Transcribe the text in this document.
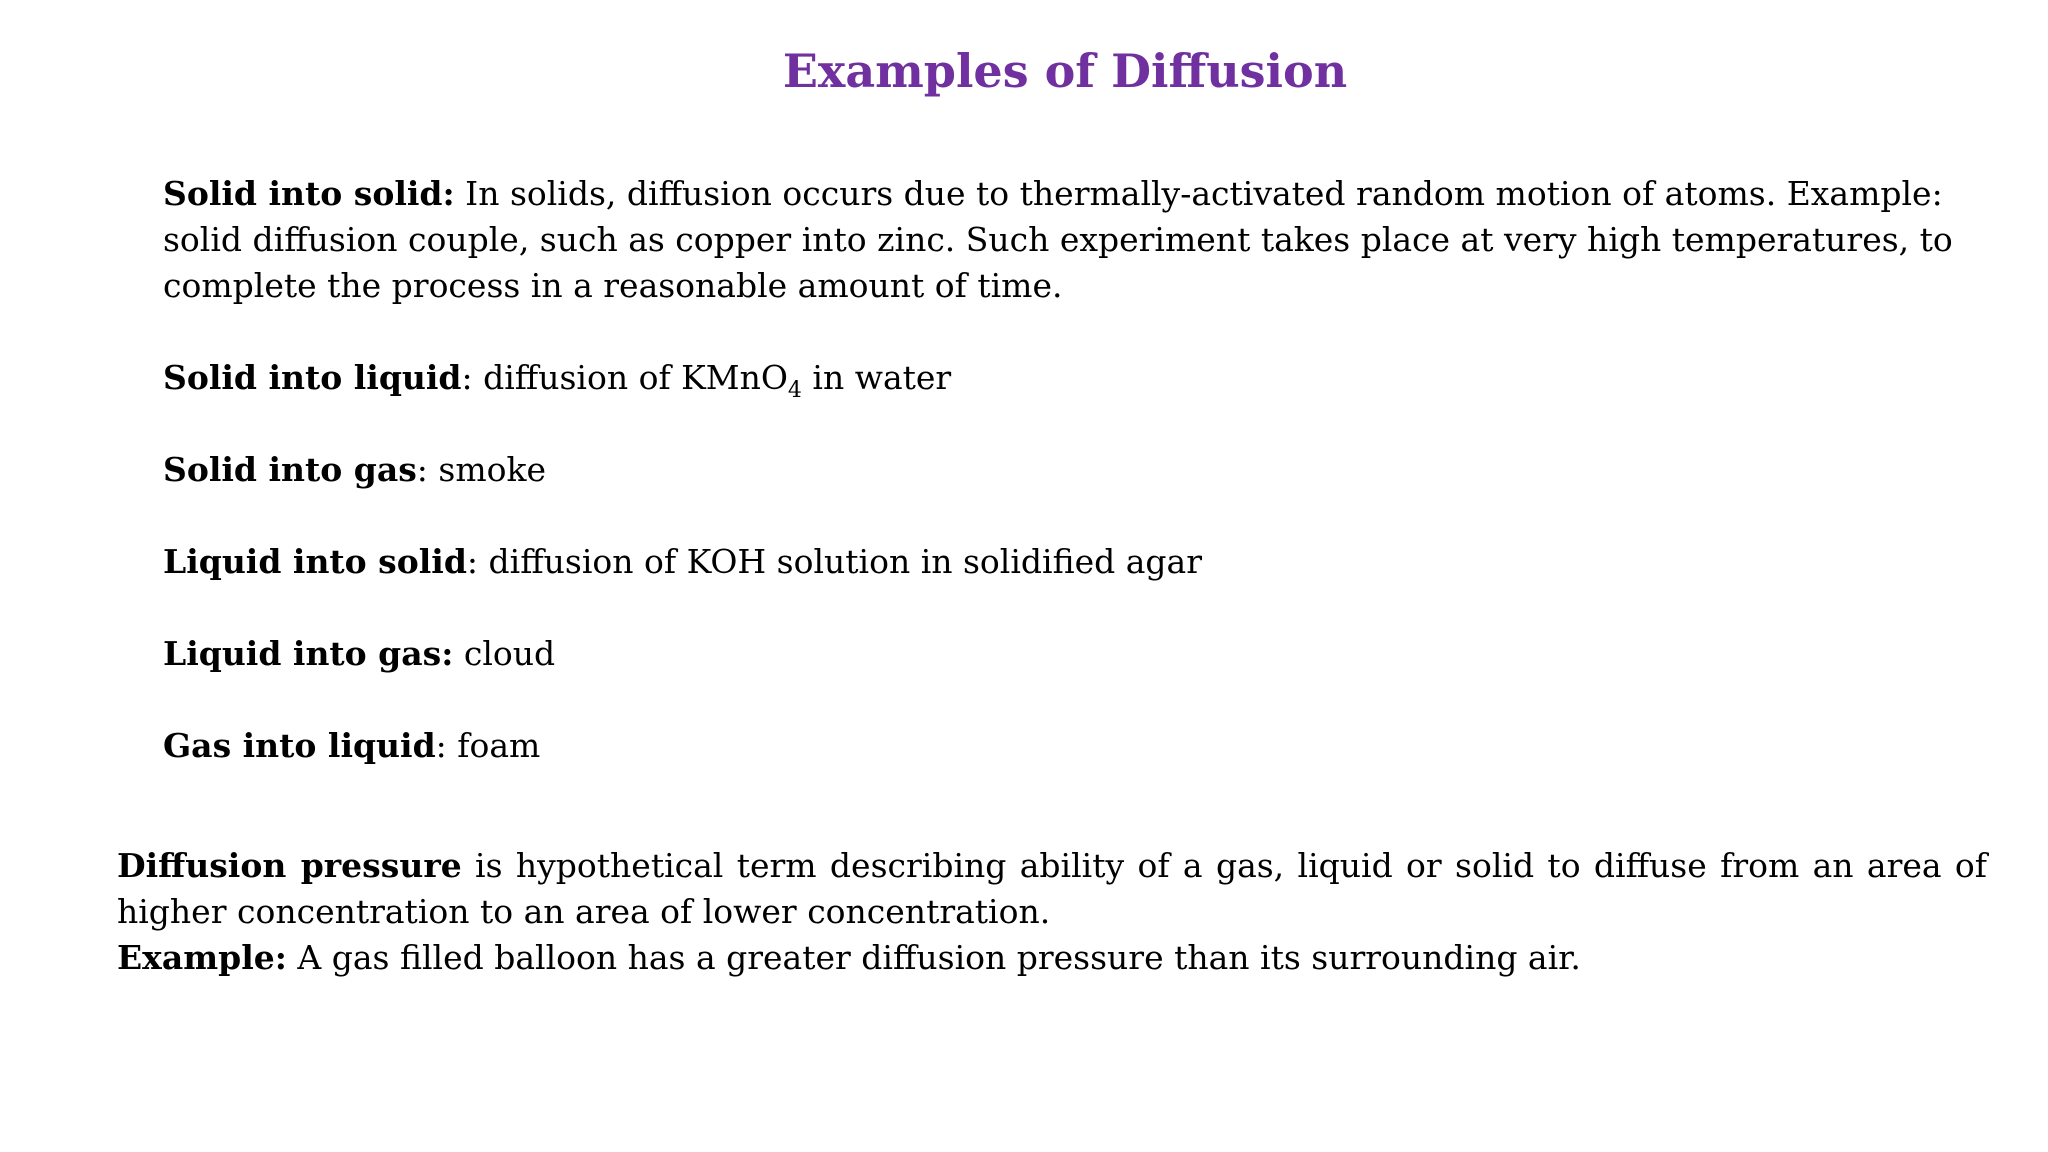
Examples of Diffusion

Solid into solid: In solids, diffusion occurs due to thermally-activated random motion of atoms. Example: solid diffusion couple, such as copper into zinc. Such experiment takes place at very high temperatures, to complete the process in a reasonable amount of time.

Solid into liquid: diffusion of KMnO$_4$ in water

Solid into gas: smoke

Liquid into solid: diffusion of KOH solution in solidified agar

Liquid into gas: cloud

Gas into liquid: foam

Diffusion pressure is hypothetical term describing ability of a gas, liquid or solid to diffuse from an area of higher concentration to an area of lower concentration.

Example: A gas filled balloon has a greater diffusion pressure than its surrounding air.
